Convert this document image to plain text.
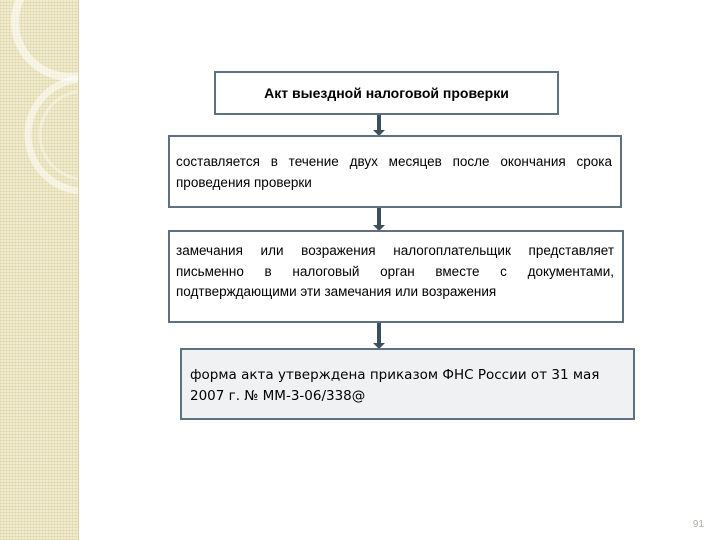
Акт выездной налоговой проверки
составляется в течение двух месяцев после окончания срока проведения проверки
замечания или возражения налогоплательщик представляет письменно в налоговый орган вместе с документами, подтверждающими эти замечания или возражения
форма акта утверждена приказом ФНС России от 31 мая 2007 г. № ММ-3-06/338@
91
